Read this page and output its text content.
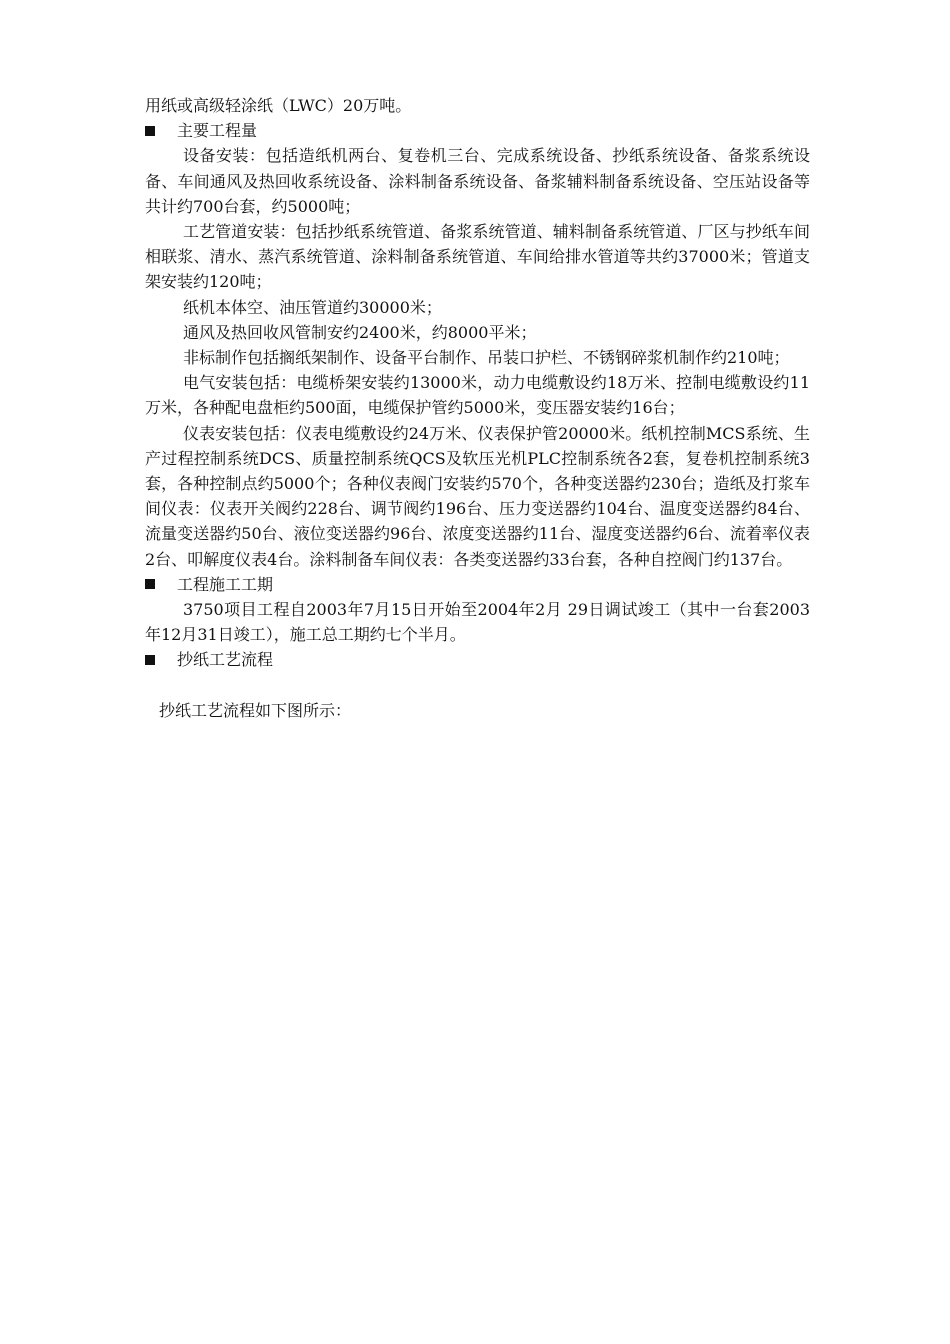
用纸或高级轻涂纸（LWC）20万吨。

主要工程量

设备安装：包括造纸机两台、复卷机三台、完成系统设备、抄纸系统设备、备浆系统设备、车间通风及热回收系统设备、涂料制备系统设备、备浆辅料制备系统设备、空压站设备等共计约700台套，约5000吨；

工艺管道安装：包括抄纸系统管道、备浆系统管道、辅料制备系统管道、厂区与抄纸车间相联浆、清水、蒸汽系统管道、涂料制备系统管道、车间给排水管道等共约37000米；管道支架安装约120吨；

纸机本体空、油压管道约30000米；

通风及热回收风管制安约2400米，约8000平米；

非标制作包括搁纸架制作、设备平台制作、吊装口护栏、不锈钢碎浆机制作约210吨；

电气安装包括：电缆桥架安装约13000米，动力电缆敷设约18万米、控制电缆敷设约11万米，各种配电盘柜约500面，电缆保护管约5000米，变压器安装约16台；

仪表安装包括：仪表电缆敷设约24万米、仪表保护管20000米。纸机控制MCS系统、生产过程控制系统DCS、质量控制系统QCS及软压光机PLC控制系统各2套，复卷机控制系统3套，各种控制点约5000个；各种仪表阀门安装约570个，各种变送器约230台；造纸及打浆车间仪表：仪表开关阀约228台、调节阀约196台、压力变送器约104台、温度变送器约84台、流量变送器约50台、液位变送器约96台、浓度变送器约11台、湿度变送器约6台、流着率仪表2台、叩解度仪表4台。涂料制备车间仪表：各类变送器约33台套，各种自控阀门约137台。

工程施工工期

3750项目工程自2003年7月15日开始至2004年2月 29日调试竣工（其中一台套2003年12月31日竣工），施工总工期约七个半月。

抄纸工艺流程

抄纸工艺流程如下图所示：
